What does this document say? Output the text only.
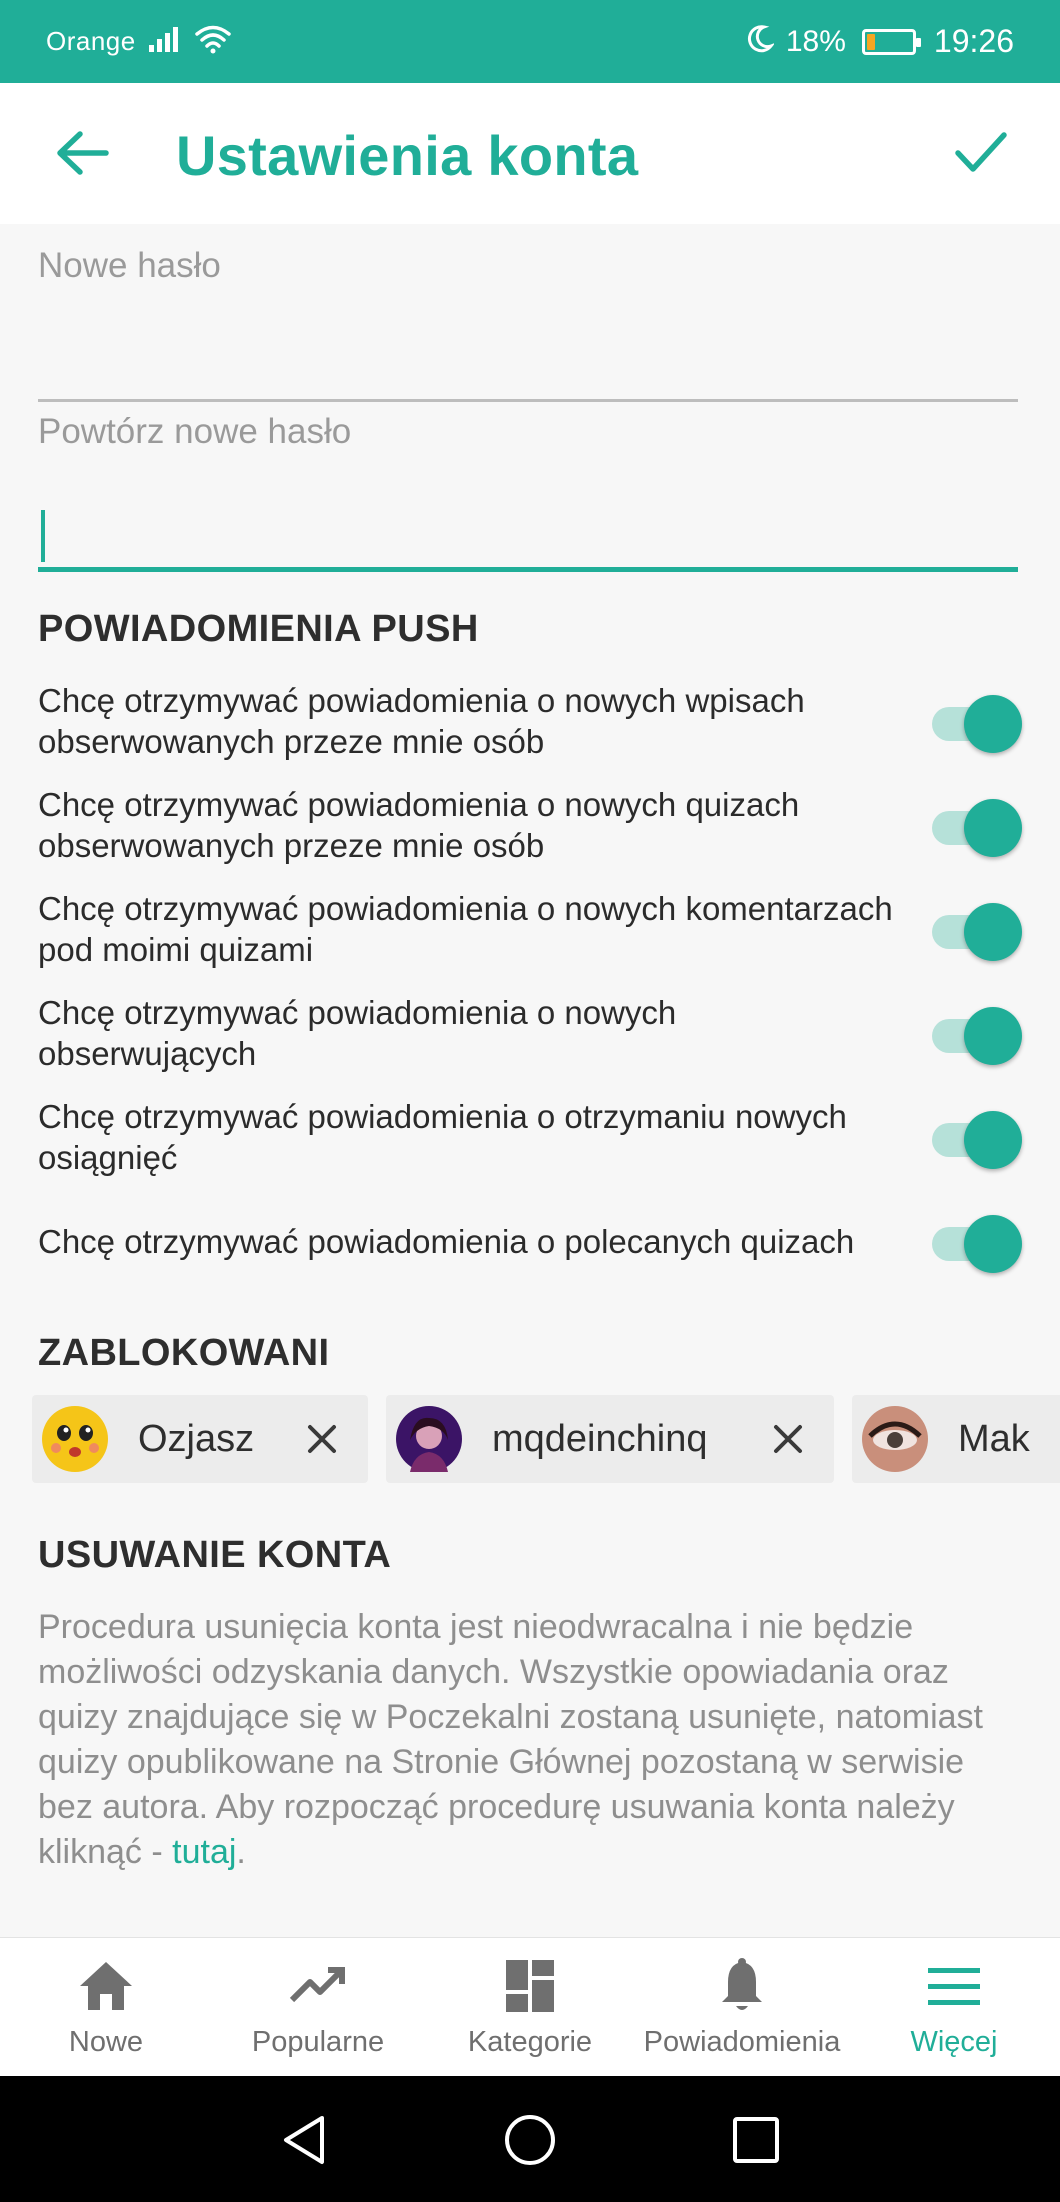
Orange	18%	19:26
Ustawienia konta
Nowe hasło
Powtórz nowe hasło
POWIADOMIENIA PUSH
Chcę otrzymywać powiadomienia o nowych wpisach obserwowanych przeze mnie osób
Chcę otrzymywać powiadomienia o nowych quizach obserwowanych przeze mnie osób
Chcę otrzymywać powiadomienia o nowych komentarzach pod moimi quizami
Chcę otrzymywać powiadomienia o nowych obserwujących
Chcę otrzymywać powiadomienia o otrzymaniu nowych osiągnięć
Chcę otrzymywać powiadomienia o polecanych quizach
ZABLOKOWANI
Ozjasz	mqdeinchinq	Mak
USUWANIE KONTA
Procedura usunięcia konta jest nieodwracalna i nie będzie możliwości odzyskania danych. Wszystkie opowiadania oraz quizy znajdujące się w Poczekalni zostaną usunięte, natomiast quizy opublikowane na Stronie Głównej pozostaną w serwisie bez autora. Aby rozpocząć procedurę usuwania konta należy kliknąć - tutaj.
Nowe	Popularne	Kategorie	Powiadomienia	Więcej
